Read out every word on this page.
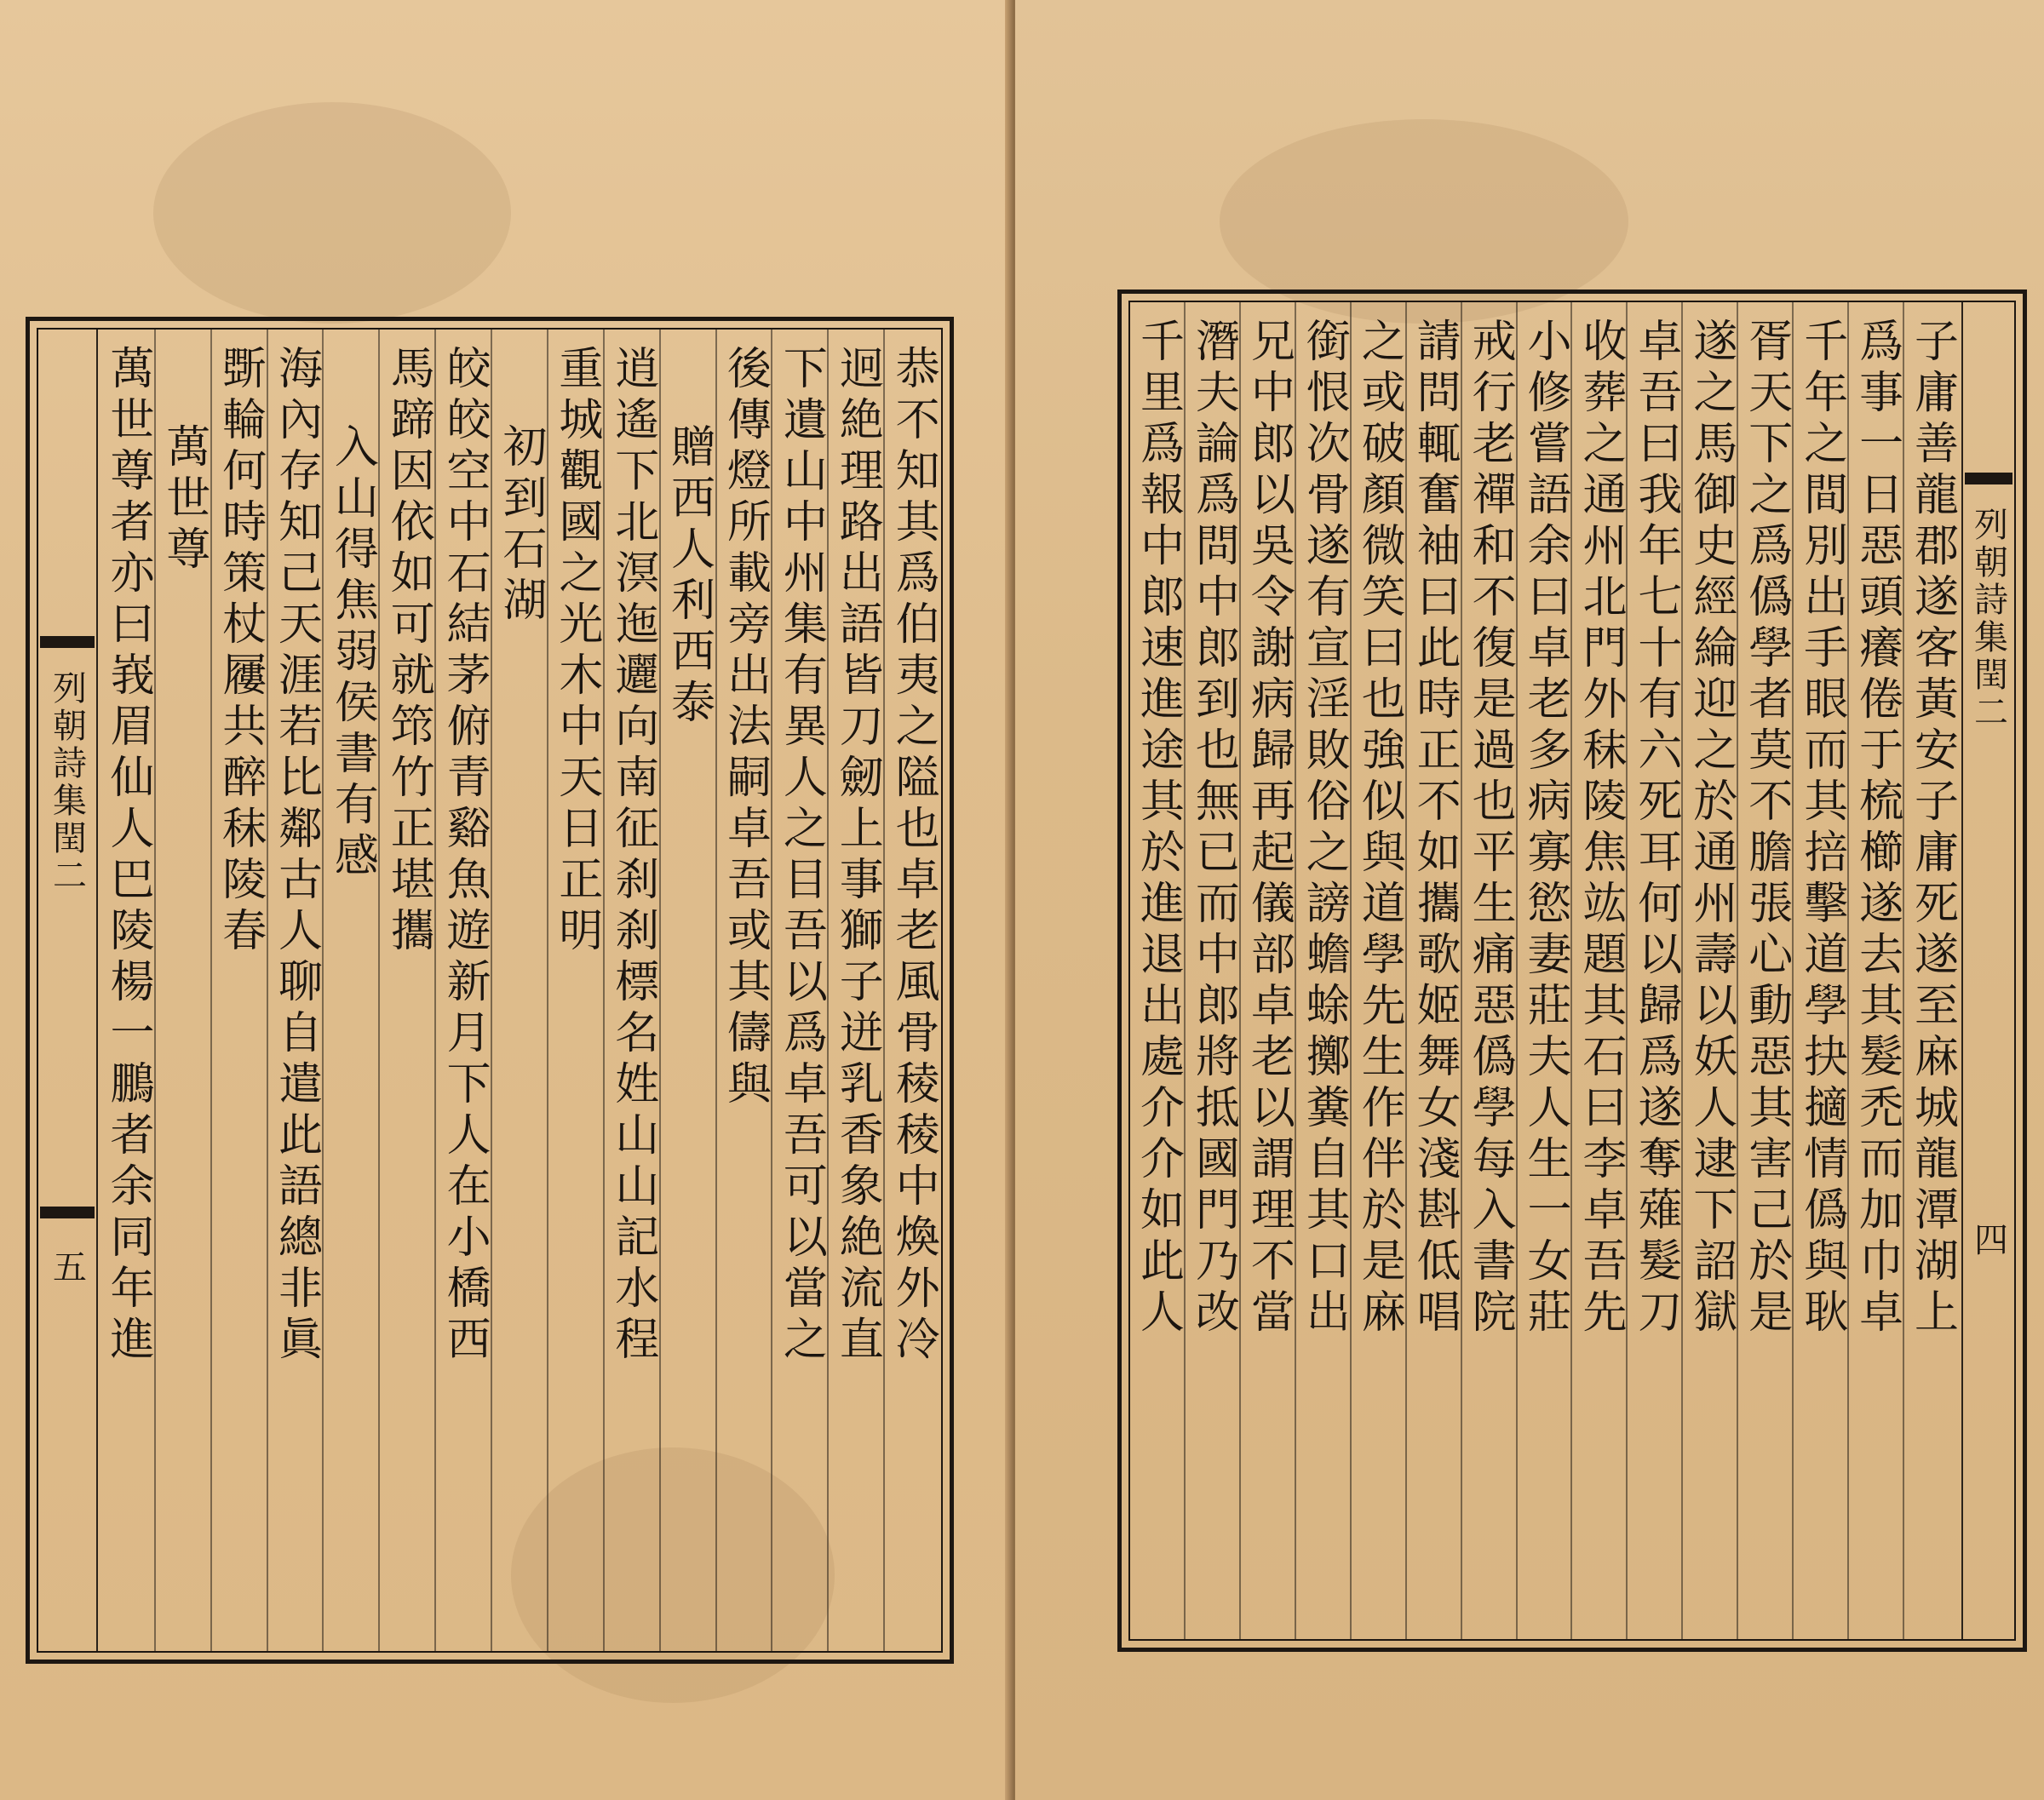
列朝詩集閏二
五	恭不知其爲伯夷之隘也卓老風骨稜稜中煥外冷
迥絶理路出語皆刀劒上事獅子迸乳香象絶流直
下遺山中州集有異人之目吾以爲卓吾可以當之
後傳燈所載旁出法嗣卓吾或其儔與
贈西人利西泰
逍遙下北溟迤邐向南征刹刹標名姓山山記水程
重城觀國之光木中天日正明
初到石湖
皎皎空中石結茅俯青谿魚遊新月下人在小橋西
馬蹄因依如可就筇竹正堪攜
入山得焦弱侯書有感
海內存知己天涯若比鄰古人聊自遣此語總非眞
斲輪何時策杖屨共醉秣陵春
萬世尊
萬世尊者亦曰峩眉仙人巴陵楊一鵬者余同年進	列朝詩集閏二
四
子庸善龍郡遂客黃安子庸死遂至麻城龍潭湖上
爲事一日惡頭癢倦于梳櫛遂去其髮禿而加巾卓
千年之間別出手眼而其掊擊道學抉擿情僞與耿
胥天下之爲僞學者莫不膽張心動惡其害己於是
遂之馬御史經綸迎之於通州壽以妖人逮下詔獄
卓吾曰我年七十有六死耳何以歸爲遂奪薙髮刀
收葬之通州北門外秣陵焦竑題其石曰李卓吾先
小修嘗語余曰卓老多病寡慾妻莊夫人生一女莊
戒行老禪和不復是過也平生痛惡僞學每入書院
請問輒奮袖曰此時正不如攜歌姬舞女淺斟低唱
之或破顏微笑曰也強似與道學先生作伴於是麻
銜恨次骨遂有宣淫敗俗之謗蟾蜍擲糞自其口出
兄中郎以吳令謝病歸再起儀部卓老以謂理不當
潛夫論爲問中郎到也無已而中郎將抵國門乃改
千里爲報中郎速進途其於進退出處介介如此人
